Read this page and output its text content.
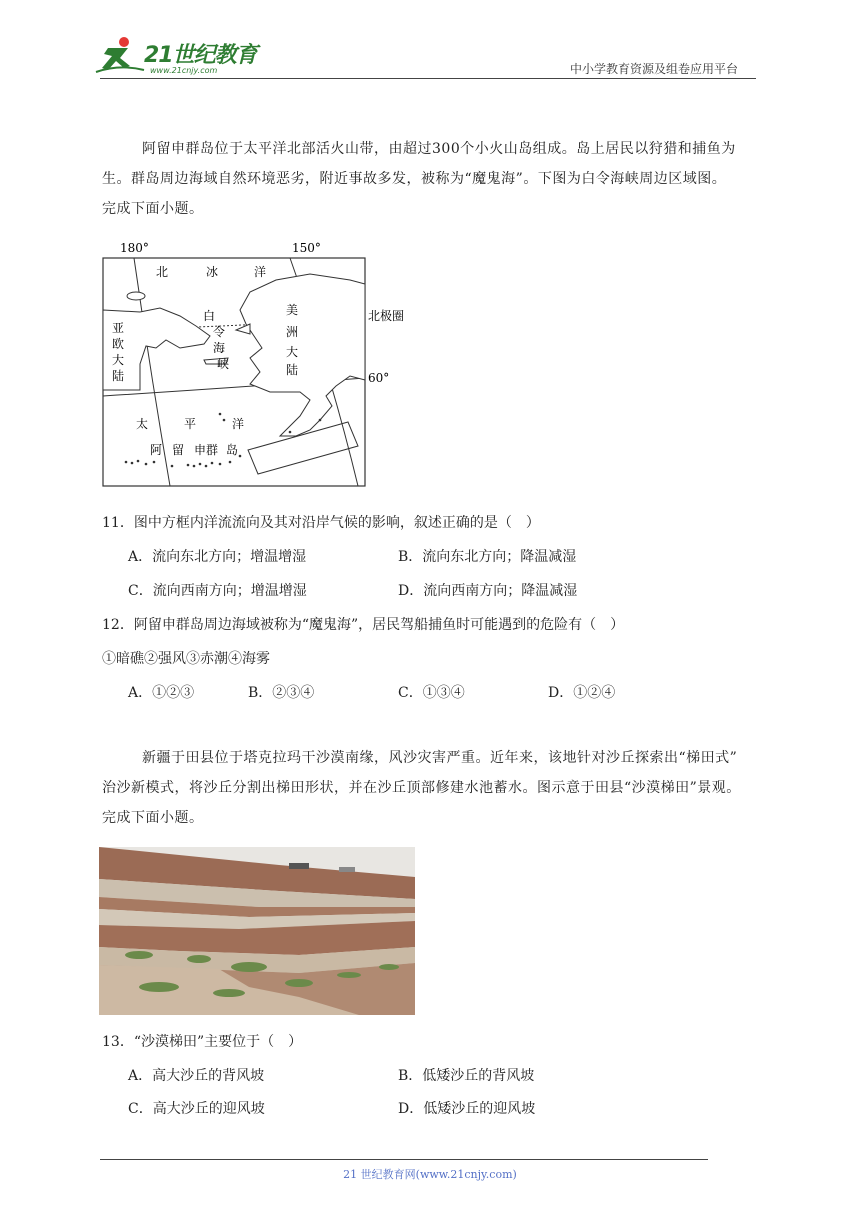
21世纪教育
www.21cnjy.com	中小学教育资源及组卷应用平台
阿留申群岛位于太平洋北部活火山带，由超过300个小火山岛组成。岛上居民以狩猎和捕鱼为
生。群岛周边海域自然环境恶劣，附近事故多发，被称为“魔鬼海”。下图为白令海峡周边区域图。
完成下面小题。
180°	150°
北极圈
60°
北	冰	洋
亚
欧
大
陆
白
令
海
峡
美
洲
大
陆
太	平	洋
阿 留 申 群 岛
11．图中方框内洋流流向及其对沿岸气候的影响，叙述正确的是（　）
A．流向东北方向；增温增湿	B．流向东北方向；降温减湿
C．流向西南方向；增温增湿	D．流向西南方向；降温减湿
12．阿留申群岛周边海域被称为“魔鬼海”，居民驾船捕鱼时可能遇到的危险有（　）
①暗礁②强风③赤潮④海雾
A．①②③	B．②③④	C．①③④	D．①②④
新疆于田县位于塔克拉玛干沙漠南缘，风沙灾害严重。近年来，该地针对沙丘探索出“梯田式”
治沙新模式，将沙丘分割出梯田形状，并在沙丘顶部修建水池蓄水。图示意于田县“沙漠梯田”景观。
完成下面小题。
13．“沙漠梯田”主要位于（　）
A．高大沙丘的背风坡	B．低矮沙丘的背风坡
C．高大沙丘的迎风坡	D．低矮沙丘的迎风坡
21 世纪教育网(www.21cnjy.com)
